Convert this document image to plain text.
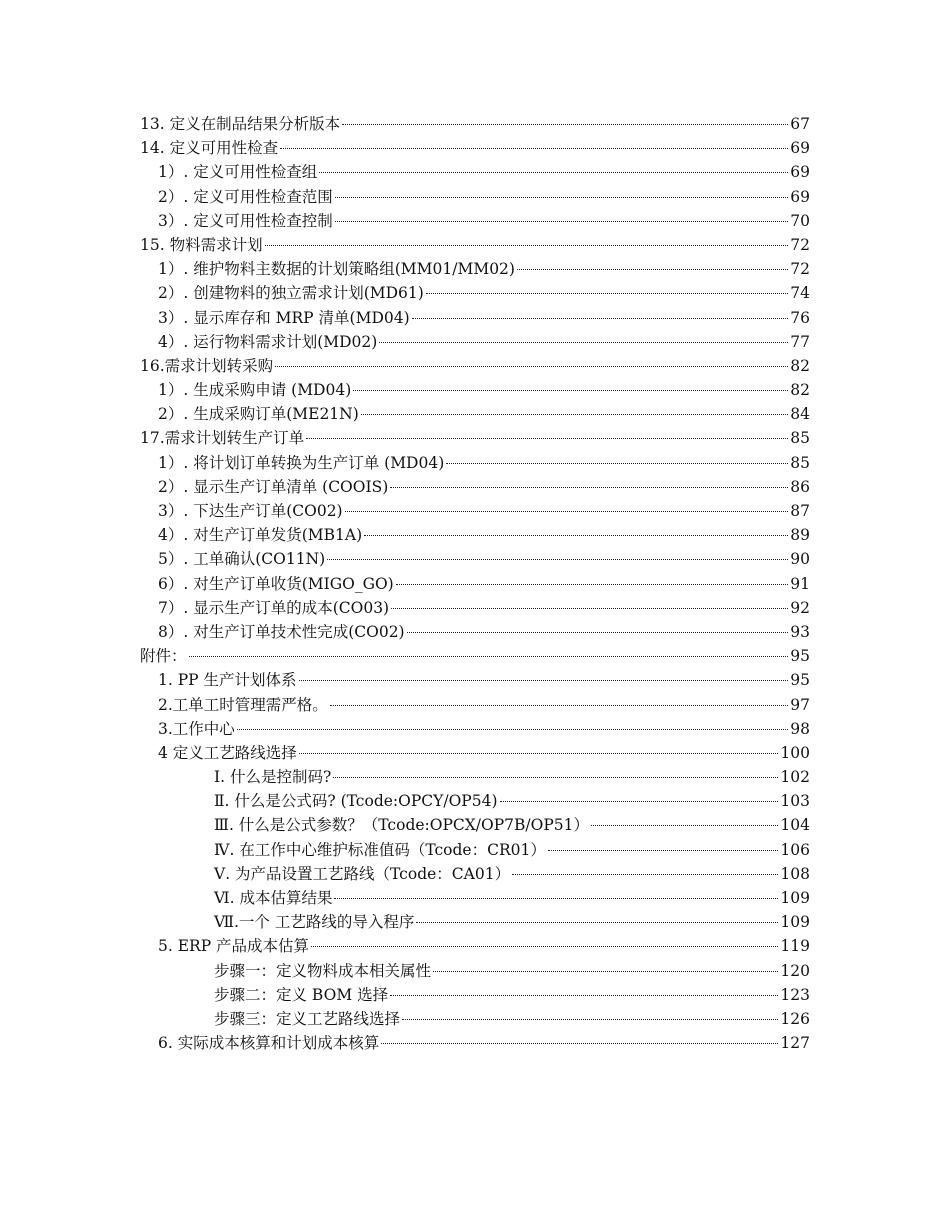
13. 定义在制品结果分析版本	67
14. 定义可用性检查	69
1）. 定义可用性检查组	69
2）. 定义可用性检查范围	69
3）. 定义可用性检查控制	70
15. 物料需求计划	72
1）. 维护物料主数据的计划策略组(MM01/MM02)	72
2）. 创建物料的独立需求计划(MD61)	74
3）. 显示库存和 MRP 清单(MD04)	76
4）. 运行物料需求计划(MD02)	77
16.需求计划转采购	82
1）. 生成采购申请 (MD04)	82
2）. 生成采购订单(ME21N)	84
17.需求计划转生产订单	85
1）. 将计划订单转换为生产订单 (MD04)	85
2）. 显示生产订单清单 (COOIS)	86
3）. 下达生产订单(CO02)	87
4）. 对生产订单发货(MB1A)	89
5）. 工单确认(CO11N)	90
6）. 对生产订单收货(MIGO_GO)	91
7）. 显示生产订单的成本(CO03)	92
8）. 对生产订单技术性完成(CO02)	93
附件：	95
1. PP 生产计划体系	95
2.工单工时管理需严格。	97
3.工作中心	98
4 定义工艺路线选择	100
Ⅰ. 什么是控制码?	102
Ⅱ. 什么是公式码? (Tcode:OPCY/OP54)	103
Ⅲ. 什么是公式参数？（Tcode:OPCX/OP7B/OP51）	104
Ⅳ. 在工作中心维护标准值码（Tcode：CR01）	106
Ⅴ. 为产品设置工艺路线（Tcode：CA01）	108
Ⅵ. 成本估算结果	109
Ⅶ.一个 工艺路线的导入程序	109
5. ERP 产品成本估算	119
步骤一：定义物料成本相关属性	120
步骤二：定义 BOM 选择	123
步骤三：定义工艺路线选择	126
6. 实际成本核算和计划成本核算	127
